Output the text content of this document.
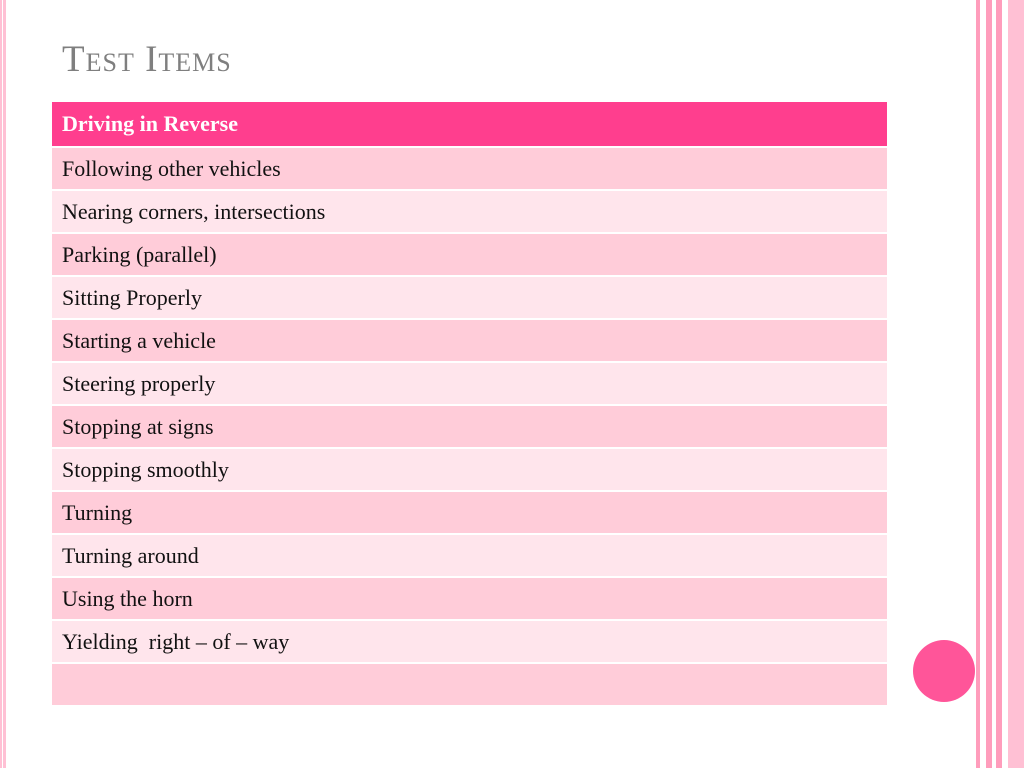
Test Items
Driving in Reverse
Following other vehicles
Nearing corners, intersections
Parking (parallel)
Sitting Properly
Starting a vehicle
Steering properly
Stopping at signs
Stopping smoothly
Turning
Turning around
Using the horn
Yielding  right – of – way
